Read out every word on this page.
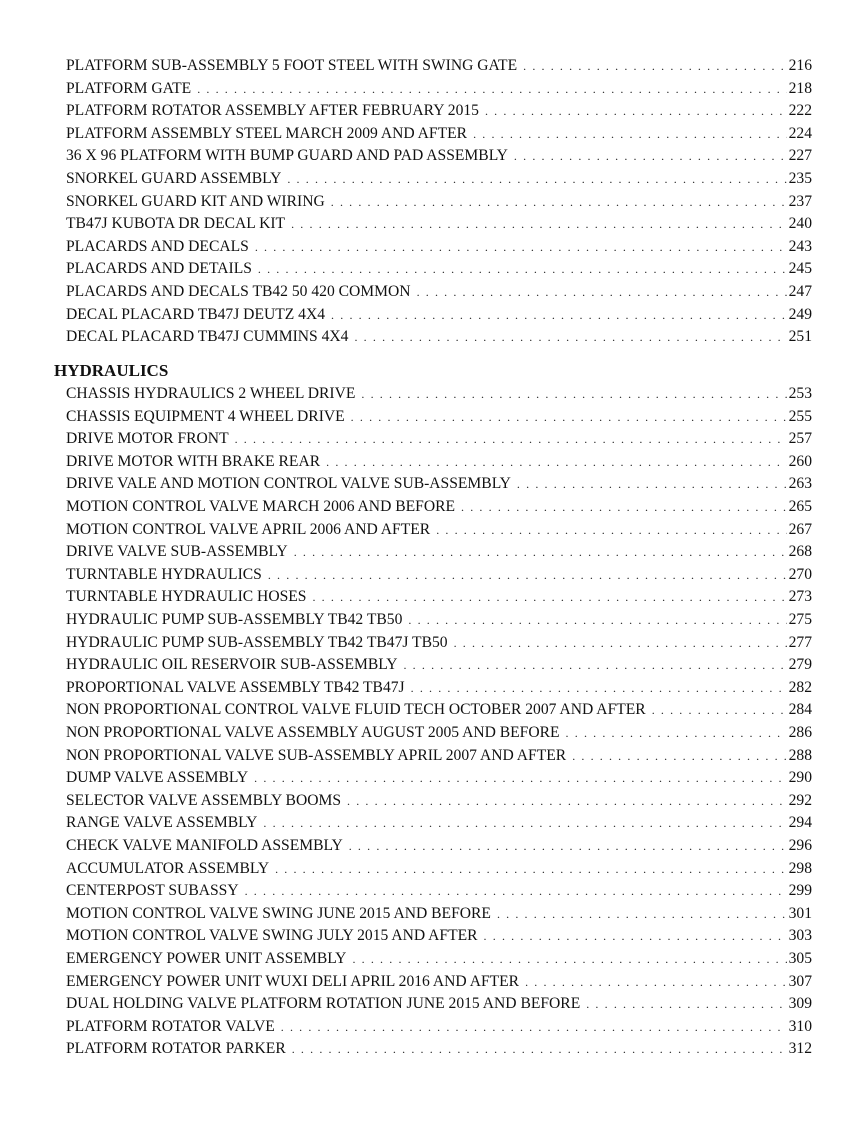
HYDRAULICS
PLATFORM SUB-ASSEMBLY 5 FOOT STEEL WITH SWING GATE . . .	216
PLATFORM GATE . . .	218
PLATFORM ROTATOR ASSEMBLY AFTER FEBRUARY 2015 . . .	222
PLATFORM ASSEMBLY STEEL MARCH 2009 AND AFTER . . .	224
36 X 96 PLATFORM WITH BUMP GUARD AND PAD ASSEMBLY . . .	227
SNORKEL GUARD ASSEMBLY . . .	235
SNORKEL GUARD KIT AND WIRING . . .	237
TB47J KUBOTA DR DECAL KIT . . .	240
PLACARDS AND DECALS . . .	243
PLACARDS AND DETAILS . . .	245
PLACARDS AND DECALS TB42 50 420 COMMON . . .	247
DECAL PLACARD TB47J DEUTZ 4X4 . . .	249
DECAL PLACARD TB47J CUMMINS 4X4 . . .	251
CHASSIS HYDRAULICS 2 WHEEL DRIVE . . .	253
CHASSIS EQUIPMENT 4 WHEEL DRIVE . . .	255
DRIVE MOTOR FRONT . . .	257
DRIVE MOTOR WITH BRAKE REAR . . .	260
DRIVE VALE AND MOTION CONTROL VALVE SUB-ASSEMBLY . . .	263
MOTION CONTROL VALVE MARCH 2006 AND BEFORE . . .	265
MOTION CONTROL VALVE APRIL 2006 AND AFTER . . .	267
DRIVE VALVE SUB-ASSEMBLY . . .	268
TURNTABLE HYDRAULICS . . .	270
TURNTABLE HYDRAULIC HOSES . . .	273
HYDRAULIC PUMP SUB-ASSEMBLY TB42 TB50 . . .	275
HYDRAULIC PUMP SUB-ASSEMBLY TB42 TB47J TB50 . . .	277
HYDRAULIC OIL RESERVOIR SUB-ASSEMBLY . . .	279
PROPORTIONAL VALVE ASSEMBLY TB42 TB47J . . .	282
NON PROPORTIONAL CONTROL VALVE FLUID TECH OCTOBER 2007 AND AFTER . . .	284
NON PROPORTIONAL VALVE ASSEMBLY AUGUST 2005 AND BEFORE . . .	286
NON PROPORTIONAL VALVE SUB-ASSEMBLY APRIL 2007 AND AFTER . . .	288
DUMP VALVE ASSEMBLY . . .	290
SELECTOR VALVE ASSEMBLY BOOMS . . .	292
RANGE VALVE ASSEMBLY . . .	294
CHECK VALVE MANIFOLD ASSEMBLY . . .	296
ACCUMULATOR ASSEMBLY . . .	298
CENTERPOST SUBASSY . . .	299
MOTION CONTROL VALVE SWING JUNE 2015 AND BEFORE . . .	301
MOTION CONTROL VALVE SWING JULY 2015 AND AFTER . . .	303
EMERGENCY POWER UNIT ASSEMBLY . . .	305
EMERGENCY POWER UNIT WUXI DELI APRIL 2016 AND AFTER . . .	307
DUAL HOLDING VALVE PLATFORM ROTATION JUNE 2015 AND BEFORE . . .	309
PLATFORM ROTATOR VALVE . . .	310
PLATFORM ROTATOR PARKER . . .	312
